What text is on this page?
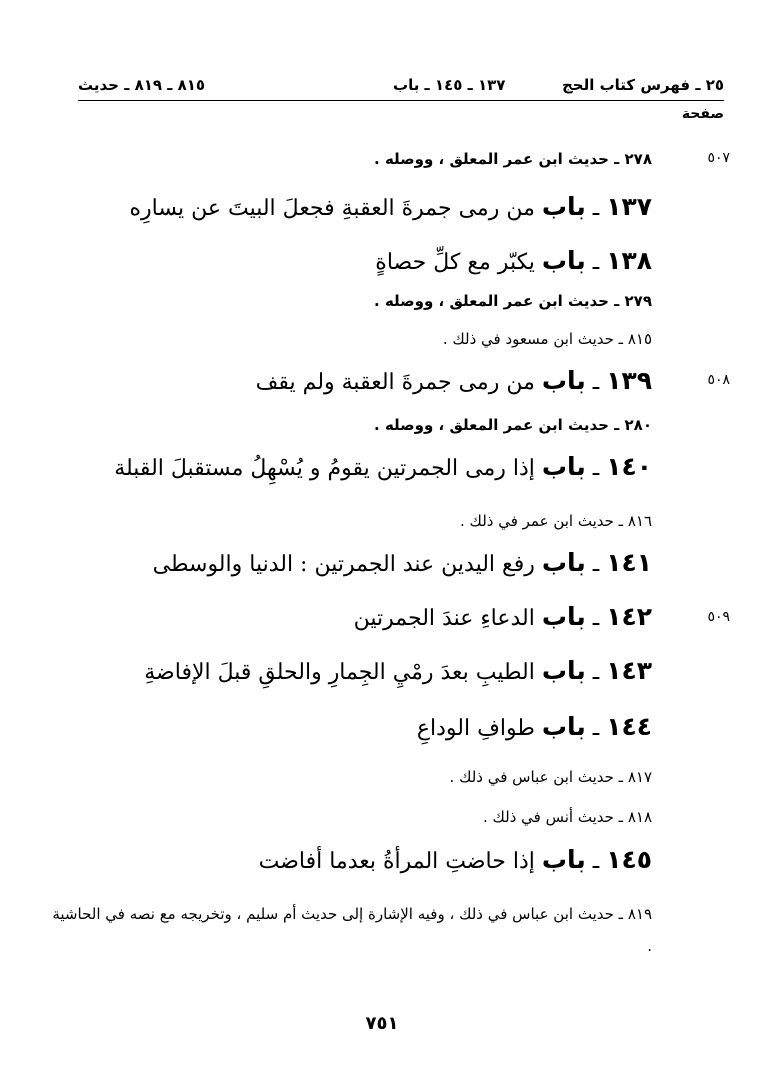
٢٥ ـ فهرس كتاب الحج
١٣٧ ـ ١٤٥ ـ باب
٨١٥ ـ ٨١٩ ـ حديث
صفحة
٥٠٧
٥٠٨
٥٠٩
٢٧٨ ـ حديث ابن عمر المعلق ، ووصله .
١٣٧ ـ باب من رمى جمرةَ العقبةِ فجعلَ البيتَ عن يسارِه
١٣٨ ـ باب يكبّر مع كلِّ حصاةٍ
٢٧٩ ـ حديث ابن عمر المعلق ، ووصله .
٨١٥ ـ حديث ابن مسعود في ذلك .
١٣٩ ـ باب من رمى جمرةَ العقبة ولم يقف
٢٨٠ ـ حديث ابن عمر المعلق ، ووصله .
١٤٠ ـ باب إذا رمى الجمرتين يقومُ و يُسْهِلُ مستقبلَ القبلة
٨١٦ ـ حديث ابن عمر في ذلك .
١٤١ ـ باب رفع اليدين عند الجمرتين : الدنيا والوسطى
١٤٢ ـ باب الدعاءِ عندَ الجمرتين
١٤٣ ـ باب الطيبِ بعدَ رمْيِ الجِمارِ والحلقِ قبلَ الإفاضةِ
١٤٤ ـ باب طوافِ الوداعِ
٨١٧ ـ حديث ابن عباس في ذلك .
٨١٨ ـ حديث أنس في ذلك .
١٤٥ ـ باب إذا حاضتِ المرأةُ بعدما أفاضت
٨١٩ ـ حديث ابن عباس في ذلك ، وفيه الإشارة إلى حديث أم سليم ، وتخريجه مع نصه في الحاشية .
٧٥١
